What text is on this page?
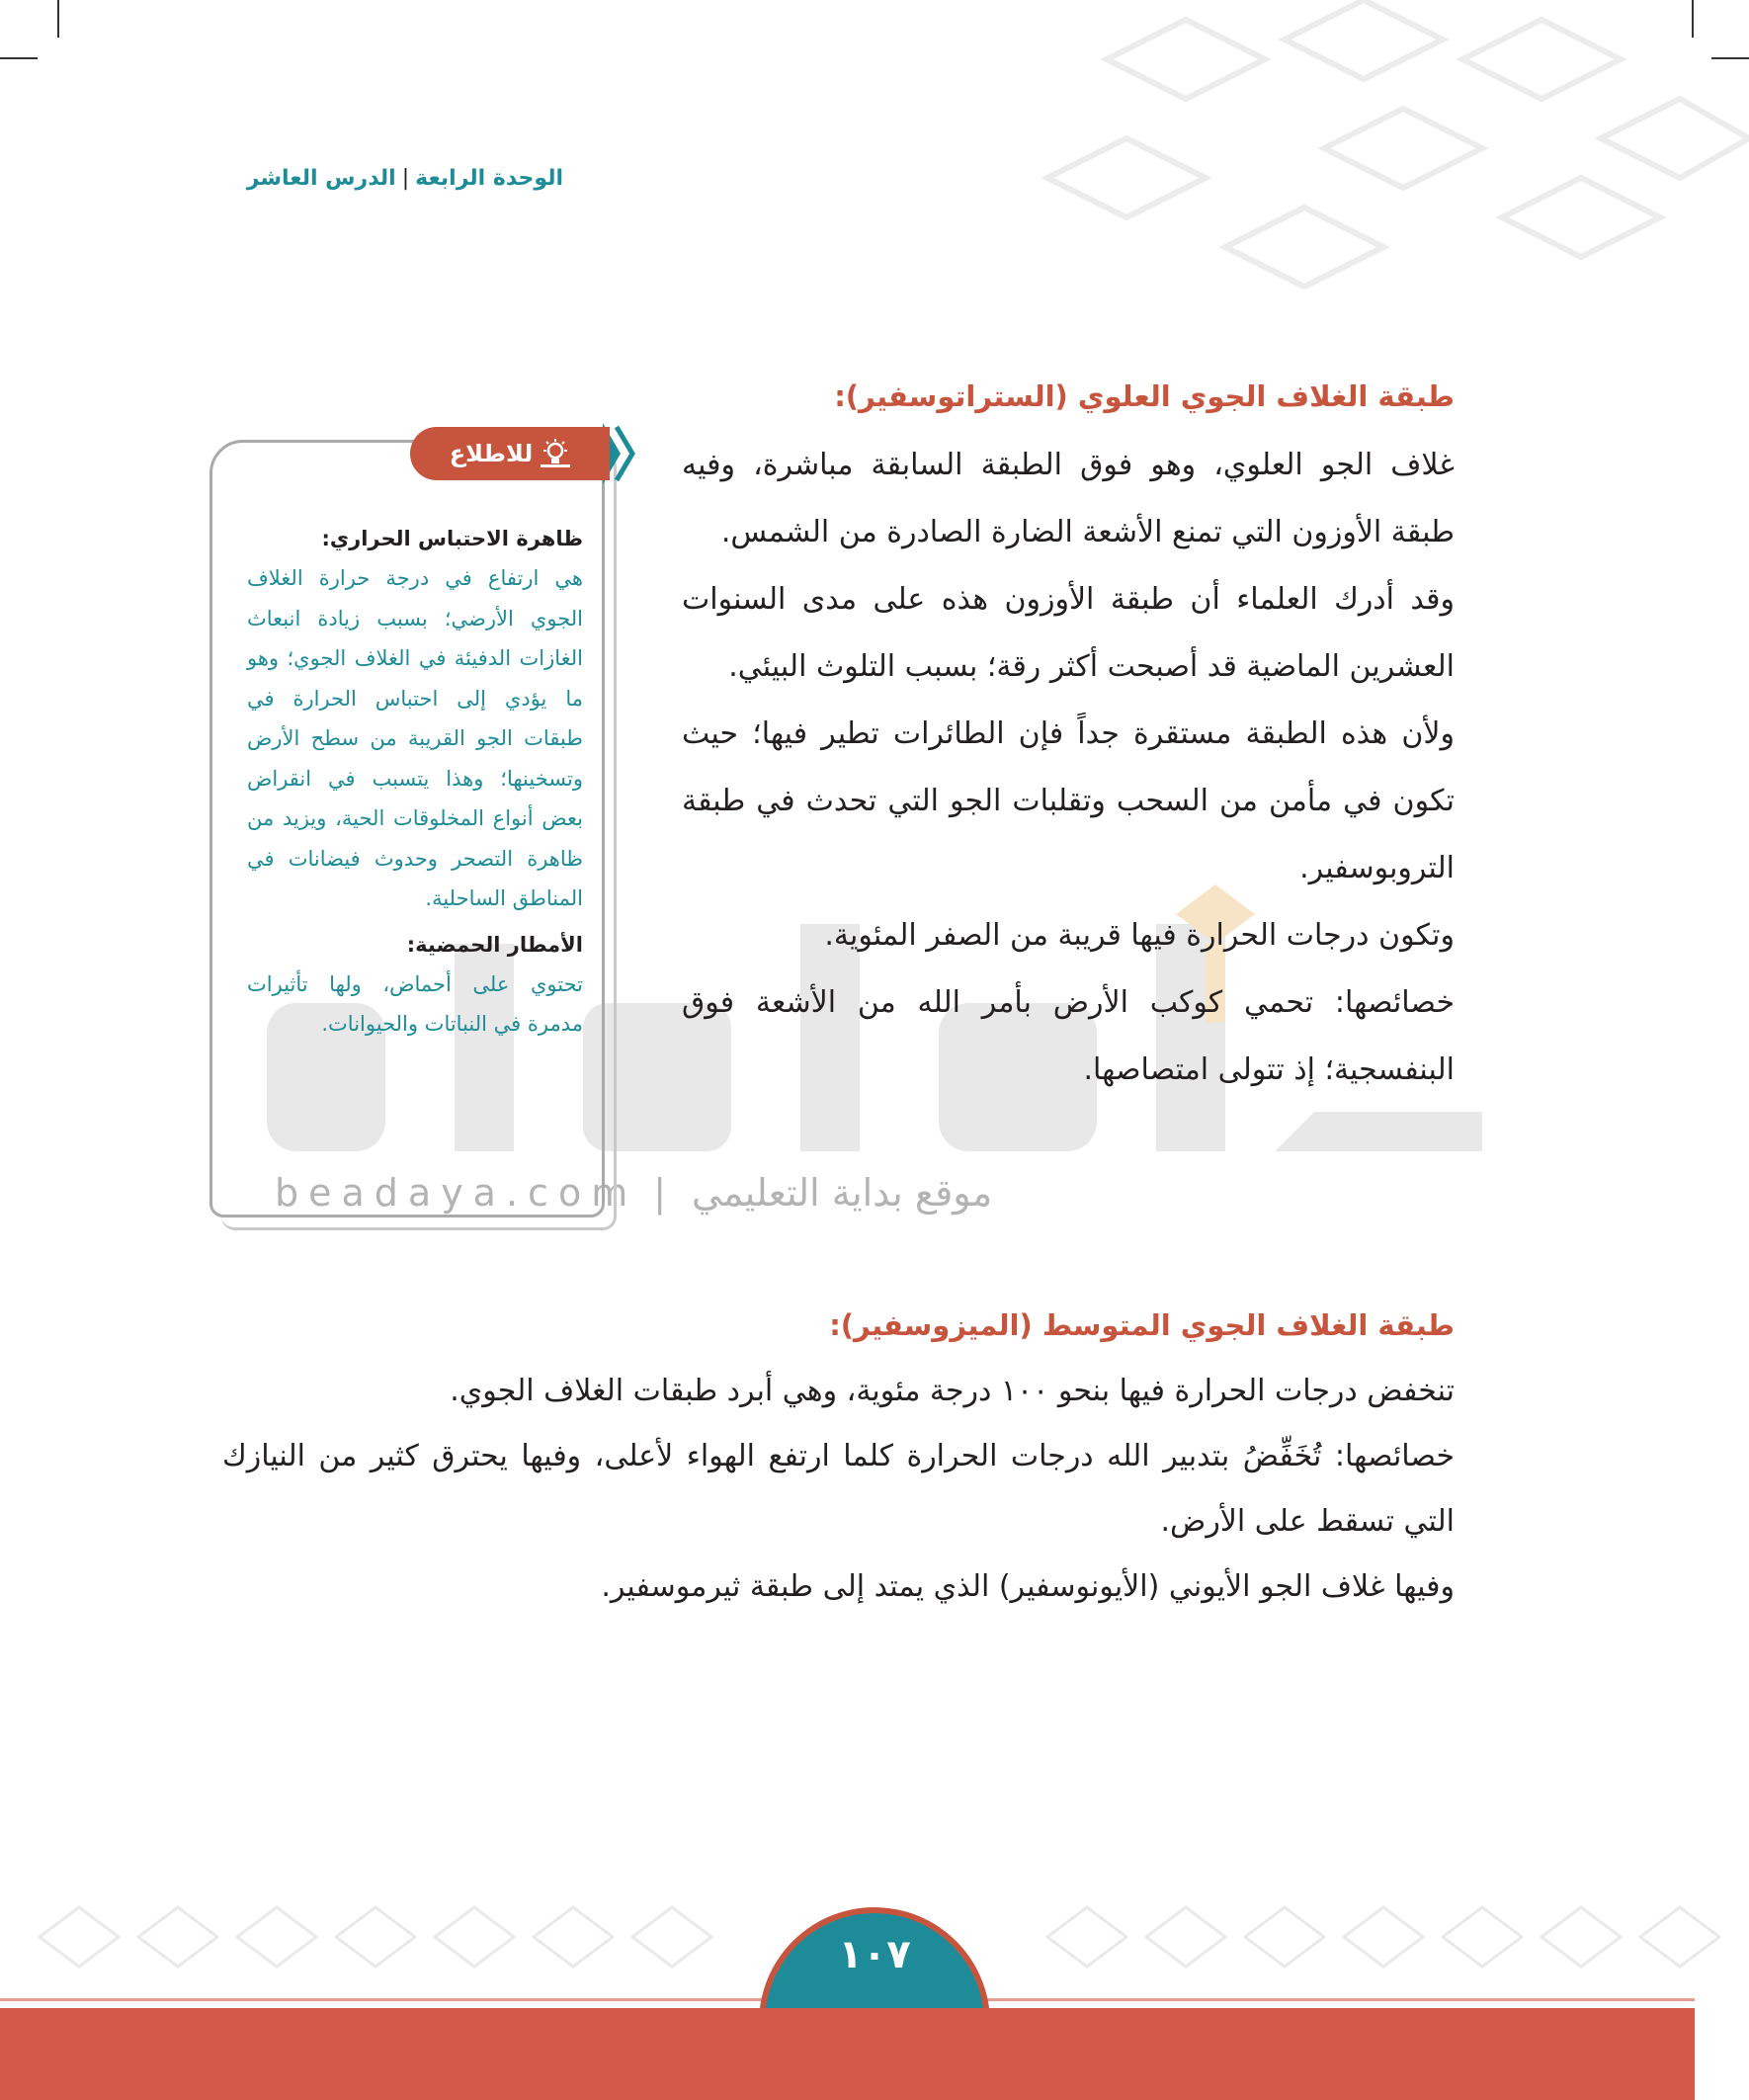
الوحدة الرابعة|الدرس العاشر
beadaya.com | موقع بداية التعليمي
طبقة الغلاف الجوي العلوي (الستراتوسفير):

غلاف الجو العلوي، وهو فوق الطبقة السابقة مباشرة، وفيه طبقة الأوزون التي تمنع الأشعة الضارة الصادرة من الشمس.

وقد أدرك العلماء أن طبقة الأوزون هذه على مدى السنوات العشرين الماضية قد أصبحت أكثر رقة؛ بسبب التلوث البيئي.

ولأن هذه الطبقة مستقرة جداً فإن الطائرات تطير فيها؛ حيث تكون في مأمن من السحب وتقلبات الجو التي تحدث في طبقة التروبوسفير.

وتكون درجات الحرارة فيها قريبة من الصفر المئوية.

خصائصها: تحمي كوكب الأرض بأمر الله من الأشعة فوق البنفسجية؛ إذ تتولى امتصاصها.

طبقة الغلاف الجوي المتوسط (الميزوسفير):

تنخفض درجات الحرارة فيها بنحو ١٠٠ درجة مئوية، وهي أبرد طبقات الغلاف الجوي.

خصائصها: تُخَفِّضُ بتدبير الله درجات الحرارة كلما ارتفع الهواء لأعلى، وفيها يحترق كثير من النيازك التي تسقط على الأرض.

وفيها غلاف الجو الأيوني (الأيونوسفير) الذي يمتد إلى طبقة ثيرموسفير.

للاطلاع
ظاهرة الاحتباس الحراري:

هي ارتفاع في درجة حرارة الغلاف الجوي الأرضي؛ بسبب زيادة انبعاث الغازات الدفيئة في الغلاف الجوي؛ وهو ما يؤدي إلى احتباس الحرارة في طبقات الجو القريبة من سطح الأرض وتسخينها؛ وهذا يتسبب في انقراض بعض أنواع المخلوقات الحية، ويزيد من ظاهرة التصحر وحدوث فيضانات في المناطق الساحلية.

الأمطار الحمضية:

تحتوي على أحماض، ولها تأثيرات مدمرة في النباتات والحيوانات.

١٠٧
